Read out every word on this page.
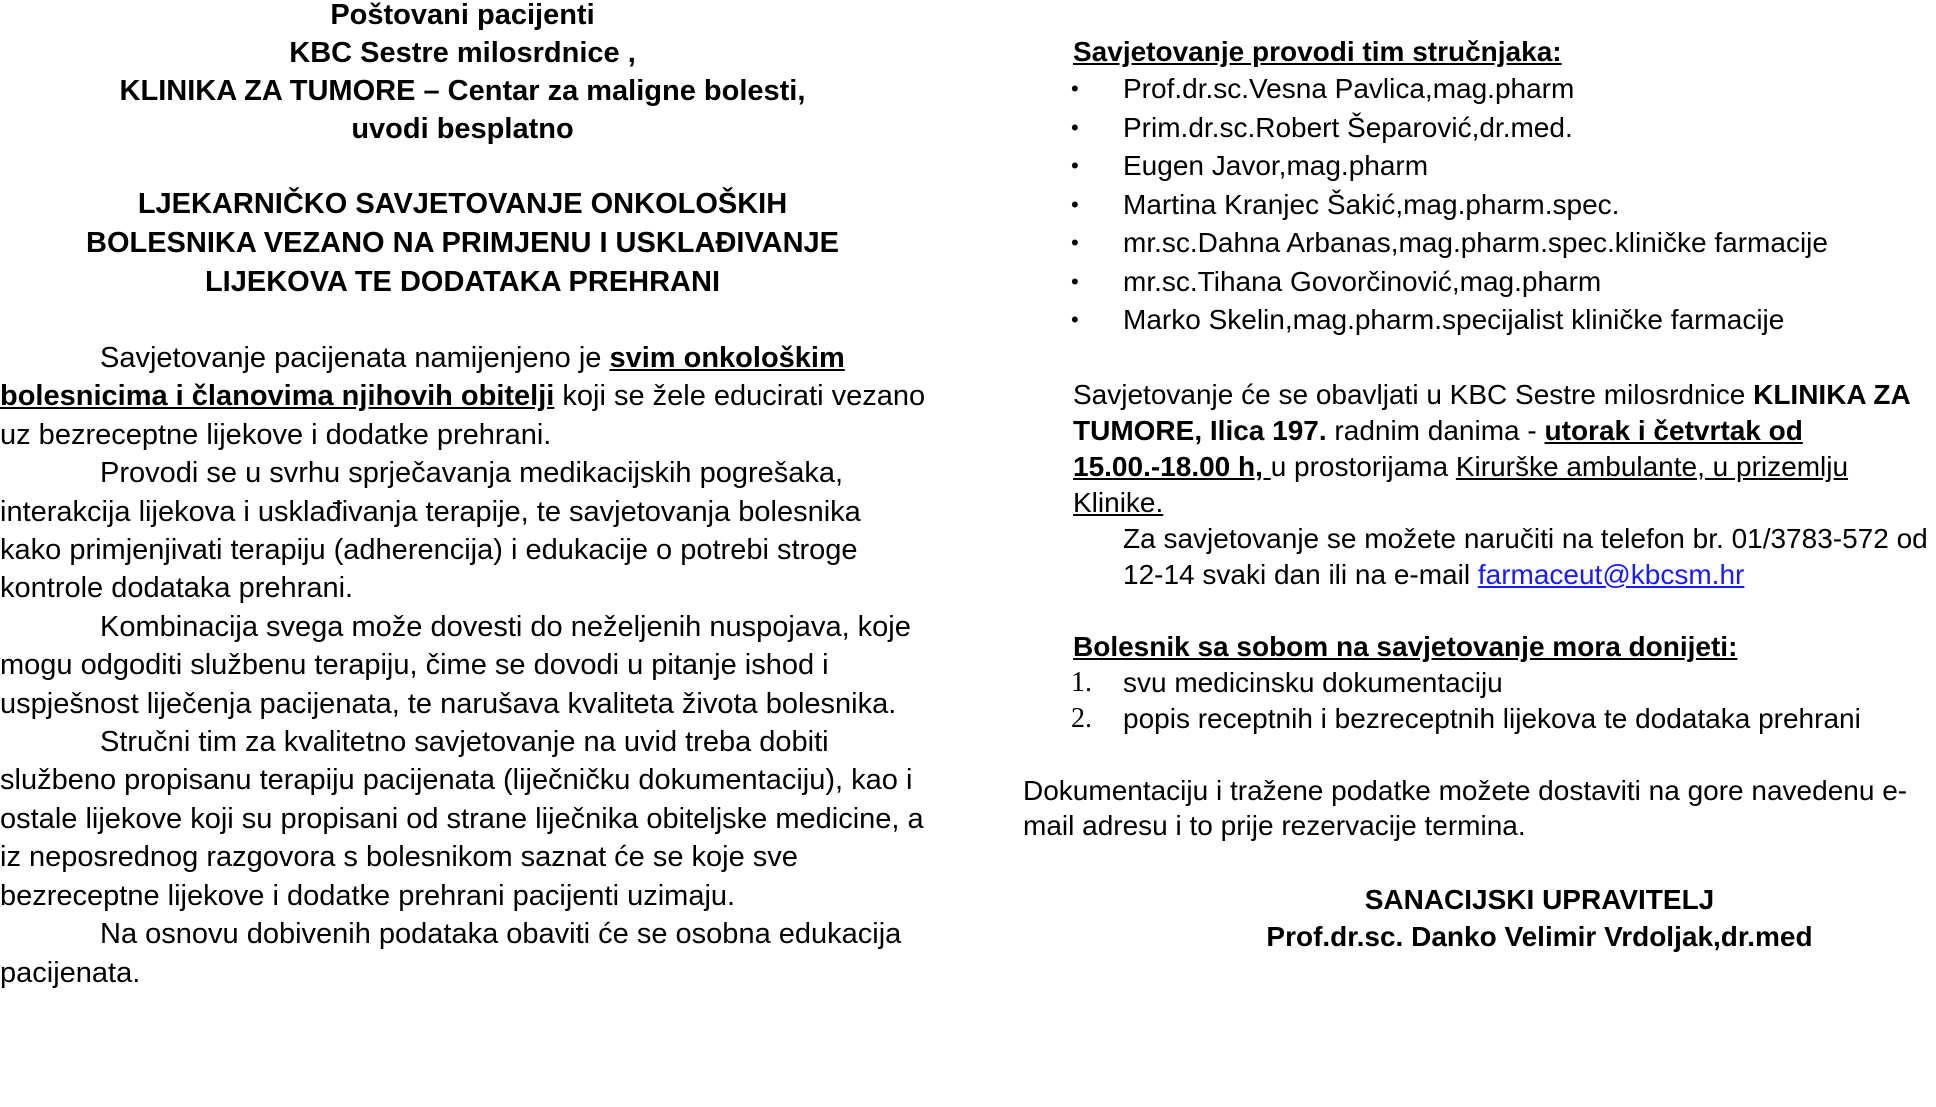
Poštovani pacijenti
KBC Sestre milosrdnice ,
KLINIKA ZA TUMORE – Centar za maligne bolesti,
uvodi besplatno
LJEKARNIČKO SAVJETOVANJE ONKOLOŠKIH
BOLESNIKA VEZANO NA PRIMJENU I USKLAĐIVANJE
LIJEKOVA TE DODATAKA PREHRANI

Savjetovanje pacijenata namijenjeno je svim onkološkim bolesnicima i članovima njihovih obitelji koji se žele educirati vezano uz bezreceptne lijekove i dodatke prehrani.

Provodi se u svrhu sprječavanja medikacijskih pogrešaka, interakcija lijekova i usklađivanja terapije, te savjetovanja bolesnika kako primjenjivati terapiju (adherencija) i edukacije o potrebi stroge kontrole dodataka prehrani.

Kombinacija svega može dovesti do neželjenih nuspojava, koje mogu odgoditi službenu terapiju, čime se dovodi u pitanje ishod i uspješnost liječenja pacijenata, te narušava kvaliteta života bolesnika.

Stručni tim za kvalitetno savjetovanje na uvid treba dobiti službeno propisanu terapiju pacijenata (liječničku dokumentaciju), kao i ostale lijekove koji su propisani od strane liječnika obiteljske medicine, a iz neposrednog razgovora s bolesnikom saznat će se koje sve bezreceptne lijekove i dodatke prehrani pacijenti uzimaju.

Na osnovu dobivenih podataka obaviti će se osobna edukacija pacijenata.

Savjetovanje provodi tim stručnjaka:
• Prof.dr.sc.Vesna Pavlica,mag.pharm
• Prim.dr.sc.Robert Šeparović,dr.med.
• Eugen Javor,mag.pharm
• Martina Kranjec Šakić,mag.pharm.spec.
• mr.sc.Dahna Arbanas,mag.pharm.spec.kliničke farmacije
• mr.sc.Tihana Govorčinović,mag.pharm
• Marko Skelin,mag.pharm.specijalist kliničke farmacije

Savjetovanje će se obavljati u KBC Sestre milosrdnice KLINIKA ZA TUMORE, Ilica 197. radnim danima - utorak i četvrtak od 15.00.-18.00 h, u prostorijama Kirurške ambulante, u prizemlju Klinike.

Za savjetovanje se možete naručiti na telefon br. 01/3783-572 od 12-14 svaki dan ili na e-mail farmaceut@kbcsm.hr

Bolesnik sa sobom na savjetovanje mora donijeti:
1. svu medicinsku dokumentaciju
2. popis receptnih i bezreceptnih lijekova te dodataka prehrani
Dokumentaciju i tražene podatke možete dostaviti na gore navedenu e-mail adresu i to prije rezervacije termina.
SANACIJSKI UPRAVITELJ
Prof.dr.sc. Danko Velimir Vrdoljak,dr.med
